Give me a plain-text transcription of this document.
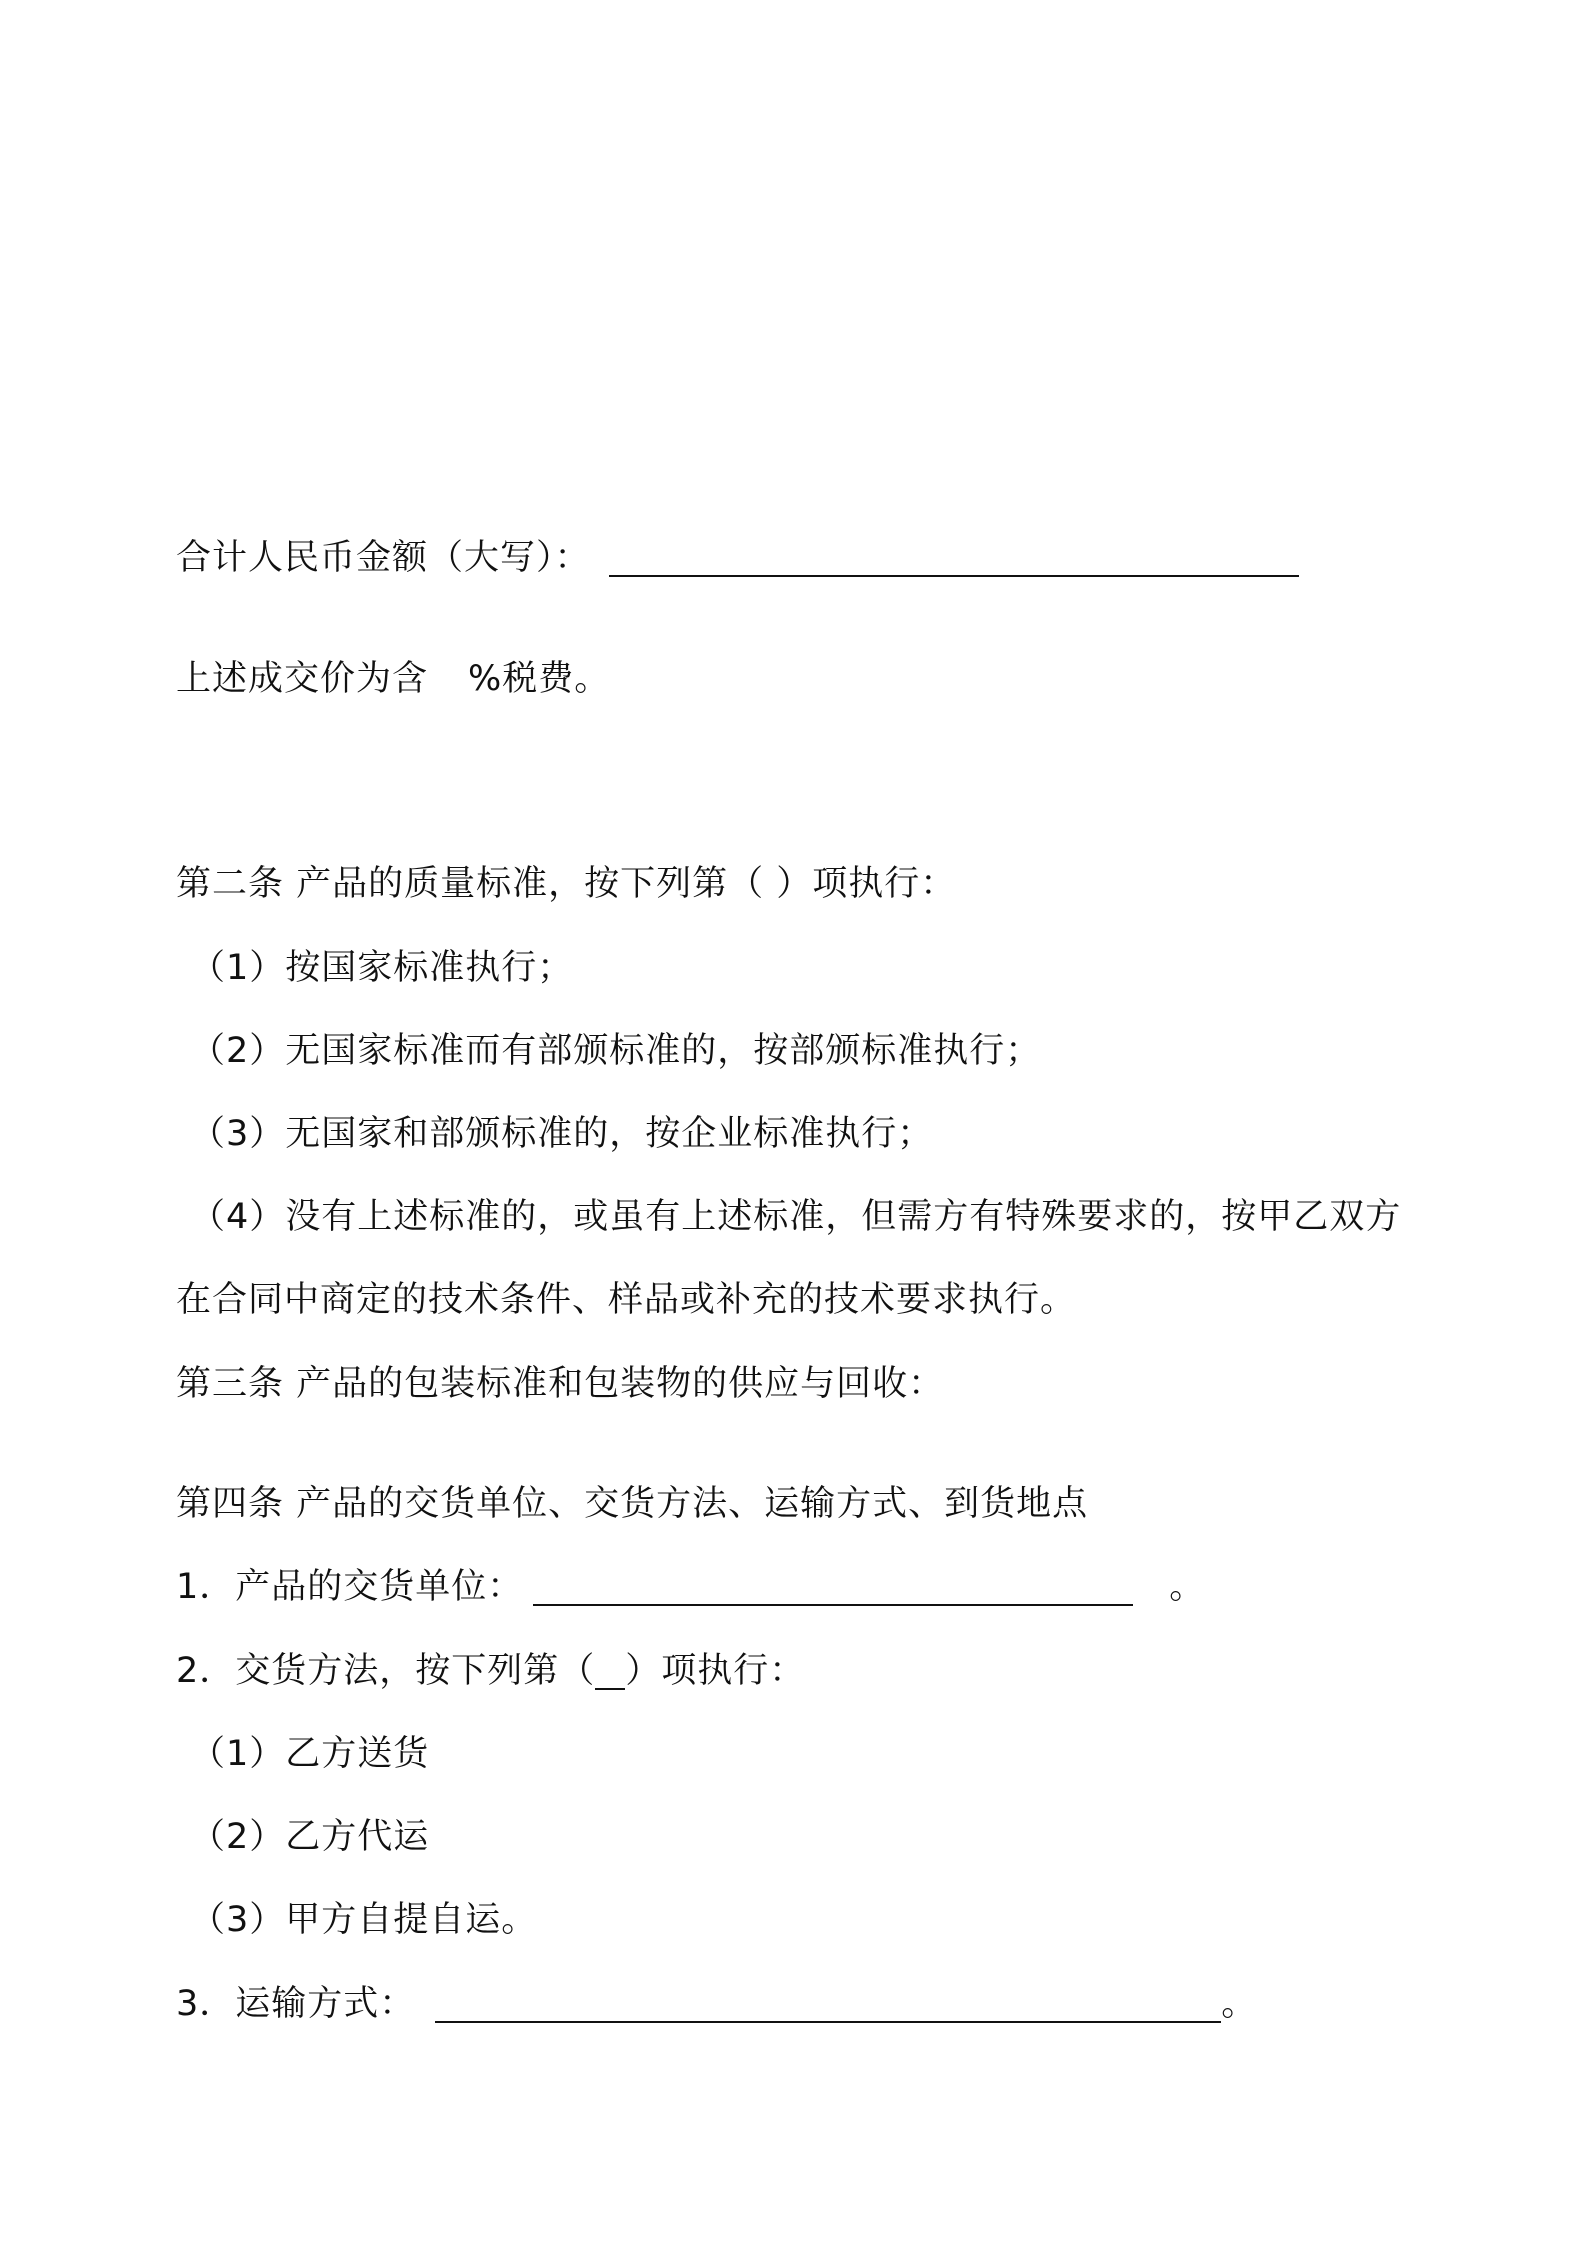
合计人民币金额（大写）：
上述成交价为含 %税费。
第二条 产品的质量标准，按下列第（ ）项执行：
（1）按国家标准执行；
（2）无国家标准而有部颁标准的，按部颁标准执行；
（3）无国家和部颁标准的，按企业标准执行；
（4）没有上述标准的，或虽有上述标准，但需方有特殊要求的，按甲乙双方
在合同中商定的技术条件、样品或补充的技术要求执行。
第三条 产品的包装标准和包装物的供应与回收：
第四条 产品的交货单位、交货方法、运输方式、到货地点
1．产品的交货单位：	。
2．交货方法，按下列第（ ）项执行：
（1）乙方送货
（2）乙方代运
（3）甲方自提自运。
3．运输方式：	。
